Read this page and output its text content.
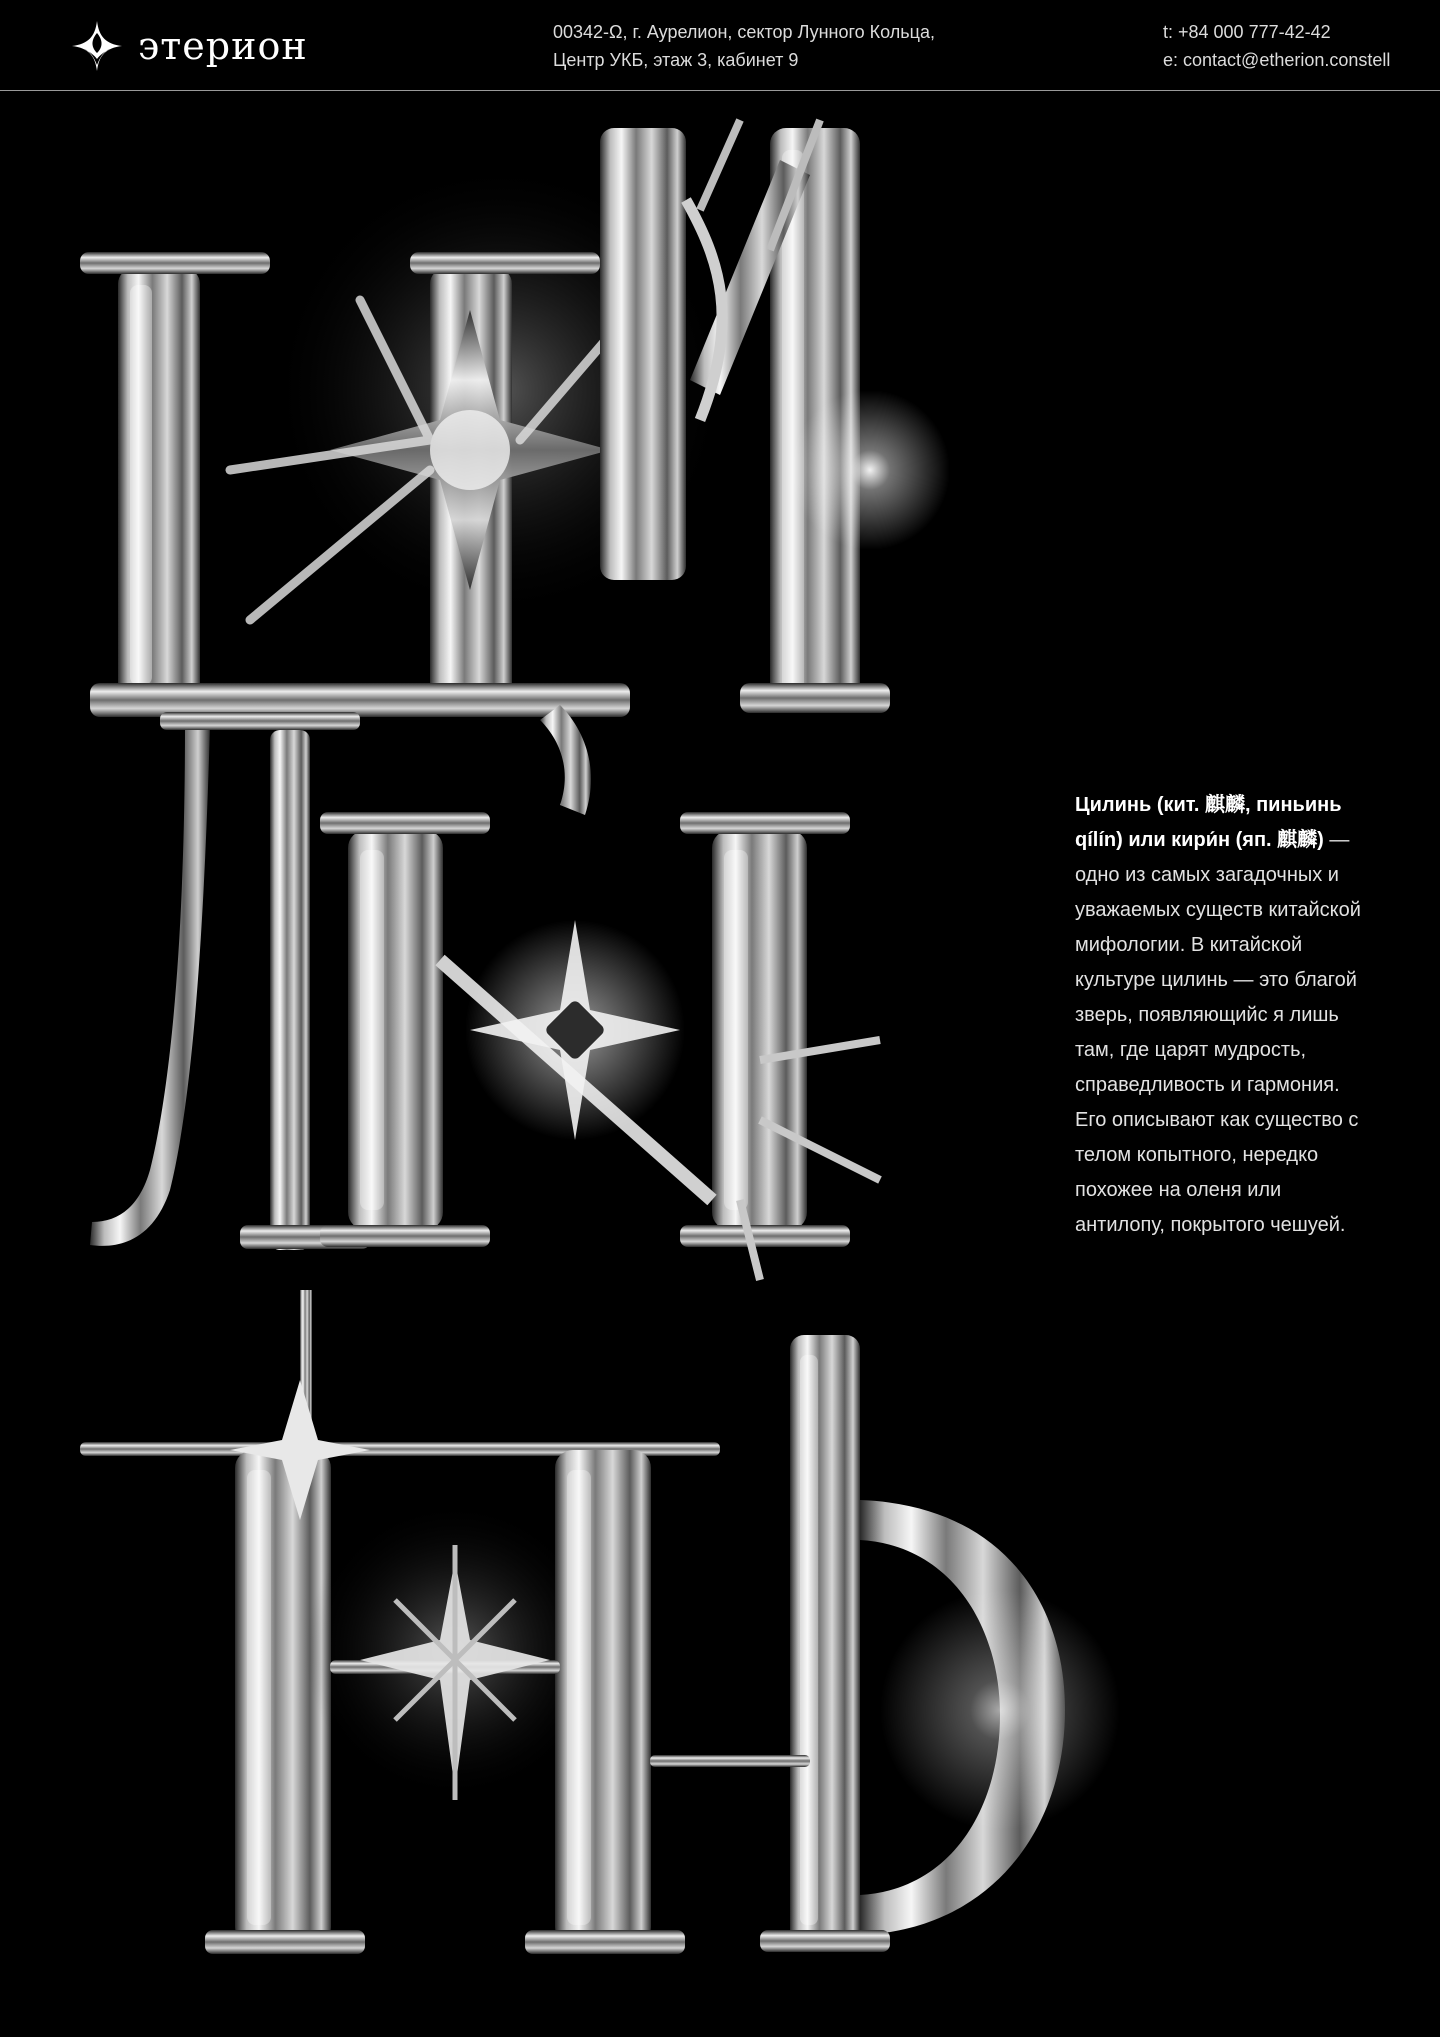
этерион	00342-Ω, г. Аурелион, сектор Лунного Кольца,
Центр УКБ, этаж 3, кабинет 9
t: +84 000 777-42-42
e: contact@etherion.constell
Цилинь (кит. 麒麟, пиньинь qílín) или кири́н (яп. 麒麟) — одно из самых загадочных и уважаемых существ китайской мифологии. В китайской культуре цилинь — это благой зверь, появляющийс я лишь там, где царят мудрость, справедливость и гармония. Его описывают как существо с телом копытного, нередко похожее на оленя или антилопу, покрытого чешуей.
